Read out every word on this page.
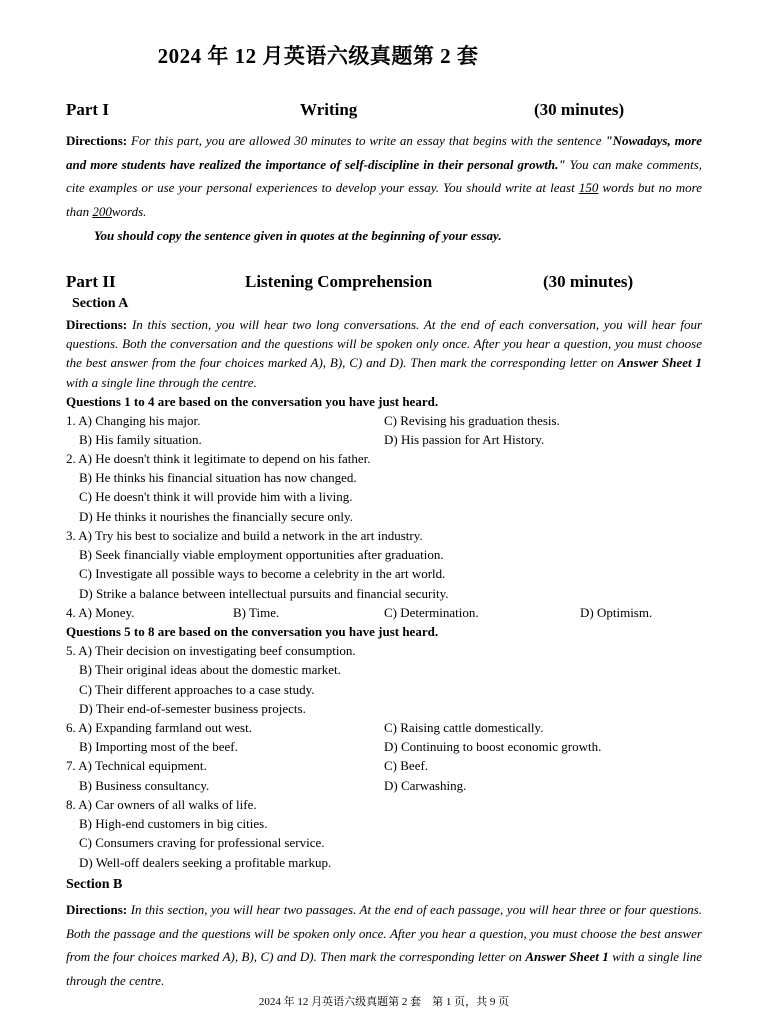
2024 年 12 月英语六级真题第 2 套
Part I	Writing	(30 minutes)
Directions: For this part, you are allowed 30 minutes to write an essay that begins with the sentence "Nowadays, more and more students have realized the importance of self-discipline in their personal growth." You can make comments, cite examples or use your personal experiences to develop your essay. You should write at least 150 words but no more than 200words.
You should copy the sentence given in quotes at the beginning of your essay.
Part II	Listening Comprehension	(30 minutes)
Section A
Directions: In this section, you will hear two long conversations. At the end of each conversation, you will hear four questions. Both the conversation and the questions will be spoken only once. After you hear a question, you must choose the best answer from the four choices marked A), B), C) and D). Then mark the corresponding letter on Answer Sheet 1 with a single line through the centre.
Questions 1 to 4 are based on the conversation you have just heard.
1. A) Changing his major.	C) Revising his graduation thesis.
B) His family situation.	D) His passion for Art History.
2. A) He doesn't think it legitimate to depend on his father.
B) He thinks his financial situation has now changed.
C) He doesn't think it will provide him with a living.
D) He thinks it nourishes the financially secure only.
3. A) Try his best to socialize and build a network in the art industry.
B) Seek financially viable employment opportunities after graduation.
C) Investigate all possible ways to become a celebrity in the art world.
D) Strike a balance between intellectual pursuits and financial security.
4. A) Money.	B) Time.	C) Determination.	D) Optimism.
Questions 5 to 8 are based on the conversation you have just heard.
5. A) Their decision on investigating beef consumption.
B) Their original ideas about the domestic market.
C) Their different approaches to a case study.
D) Their end-of-semester business projects.
6. A) Expanding farmland out west.	C) Raising cattle domestically.
B) Importing most of the beef.	D) Continuing to boost economic growth.
7. A) Technical equipment.	C) Beef.
B) Business consultancy.	D) Carwashing.
8. A) Car owners of all walks of life.
B) High-end customers in big cities.
C) Consumers craving for professional service.
D) Well-off dealers seeking a profitable markup.
Section B
Directions: In this section, you will hear two passages. At the end of each passage, you will hear three or four questions. Both the passage and the questions will be spoken only once. After you hear a question, you must choose the best answer from the four choices marked A), B), C) and D). Then mark the corresponding letter on Answer Sheet 1 with a single line through the centre.
2024 年 12 月英语六级真题第 2 套　第 1 页，共 9 页
